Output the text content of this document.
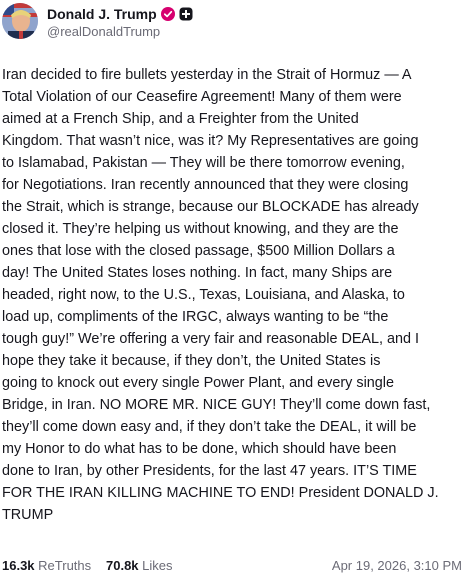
Donald J. Trump
@realDonaldTrump
Iran decided to fire bullets yesterday in the Strait of Hormuz — A
Total Violation of our Ceasefire Agreement! Many of them were
aimed at a French Ship, and a Freighter from the United
Kingdom. That wasn’t nice, was it? My Representatives are going
to Islamabad, Pakistan — They will be there tomorrow evening,
for Negotiations. Iran recently announced that they were closing
the Strait, which is strange, because our BLOCKADE has already
closed it. They’re helping us without knowing, and they are the
ones that lose with the closed passage, $500 Million Dollars a
day! The United States loses nothing. In fact, many Ships are
headed, right now, to the U.S., Texas, Louisiana, and Alaska, to
load up, compliments of the IRGC, always wanting to be “the
tough guy!” We’re offering a very fair and reasonable DEAL, and I
hope they take it because, if they don’t, the United States is
going to knock out every single Power Plant, and every single
Bridge, in Iran. NO MORE MR. NICE GUY! They’ll come down fast,
they’ll come down easy and, if they don’t take the DEAL, it will be
my Honor to do what has to be done, which should have been
done to Iran, by other Presidents, for the last 47 years. IT’S TIME
FOR THE IRAN KILLING MACHINE TO END! President DONALD J.
TRUMP
16.3k ReTruths 70.8k Likes	Apr 19, 2026, 3:10 PM
